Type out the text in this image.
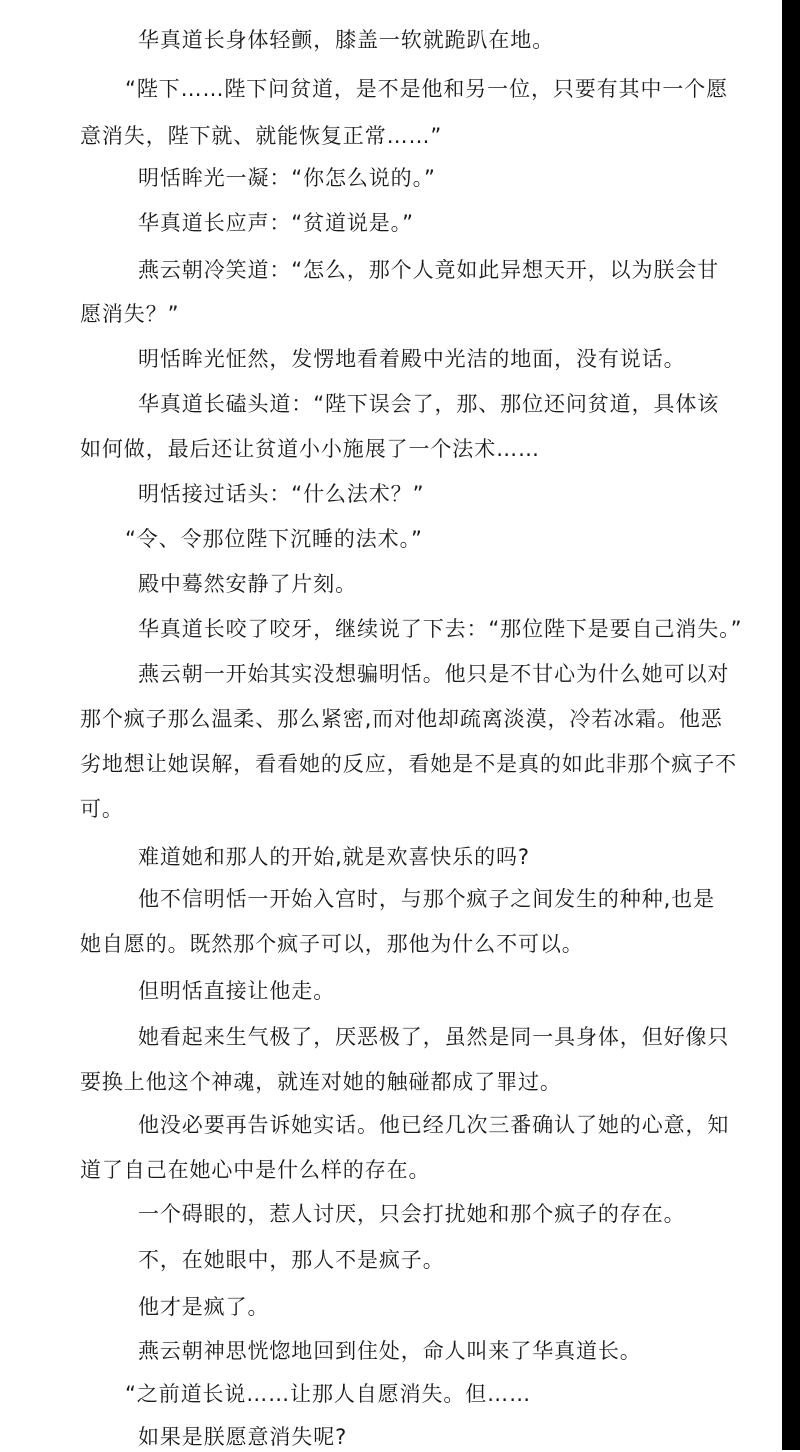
华真道长身体轻颤，膝盖一软就跪趴在地。

“陛下……陛下问贫道，是不是他和另一位，只要有其中一个愿

意消失，陛下就、就能恢复正常……”

明恬眸光一凝：“你怎么说的。”

华真道长应声：“贫道说是。”

燕云朝冷笑道：“怎么，那个人竟如此异想天开，以为朕会甘

愿消失？”

明恬眸光怔然，发愣地看着殿中光洁的地面，没有说话。

华真道长磕头道：“陛下误会了，那、那位还问贫道，具体该

如何做，最后还让贫道小小施展了一个法术……

明恬接过话头：“什么法术？”

“令、令那位陛下沉睡的法术。”

殿中蓦然安静了片刻。

华真道长咬了咬牙，继续说了下去：“那位陛下是要自己消失。”

燕云朝一开始其实没想骗明恬。他只是不甘心为什么她可以对

那个疯子那么温柔、那么紧密,而对他却疏离淡漠，冷若冰霜。他恶

劣地想让她误解，看看她的反应，看她是不是真的如此非那个疯子不

可。

难道她和那人的开始,就是欢喜快乐的吗?

他不信明恬一开始入宫时，与那个疯子之间发生的种种,也是

她自愿的。既然那个疯子可以，那他为什么不可以。

但明恬直接让他走。

她看起来生气极了，厌恶极了，虽然是同一具身体，但好像只

要换上他这个神魂，就连对她的触碰都成了罪过。

他没必要再告诉她实话。他已经几次三番确认了她的心意，知

道了自己在她心中是什么样的存在。

一个碍眼的，惹人讨厌，只会打扰她和那个疯子的存在。

不，在她眼中，那人不是疯子。

他才是疯了。

燕云朝神思恍惚地回到住处，命人叫来了华真道长。

“之前道长说……让那人自愿消失。但……

如果是朕愿意消失呢?
